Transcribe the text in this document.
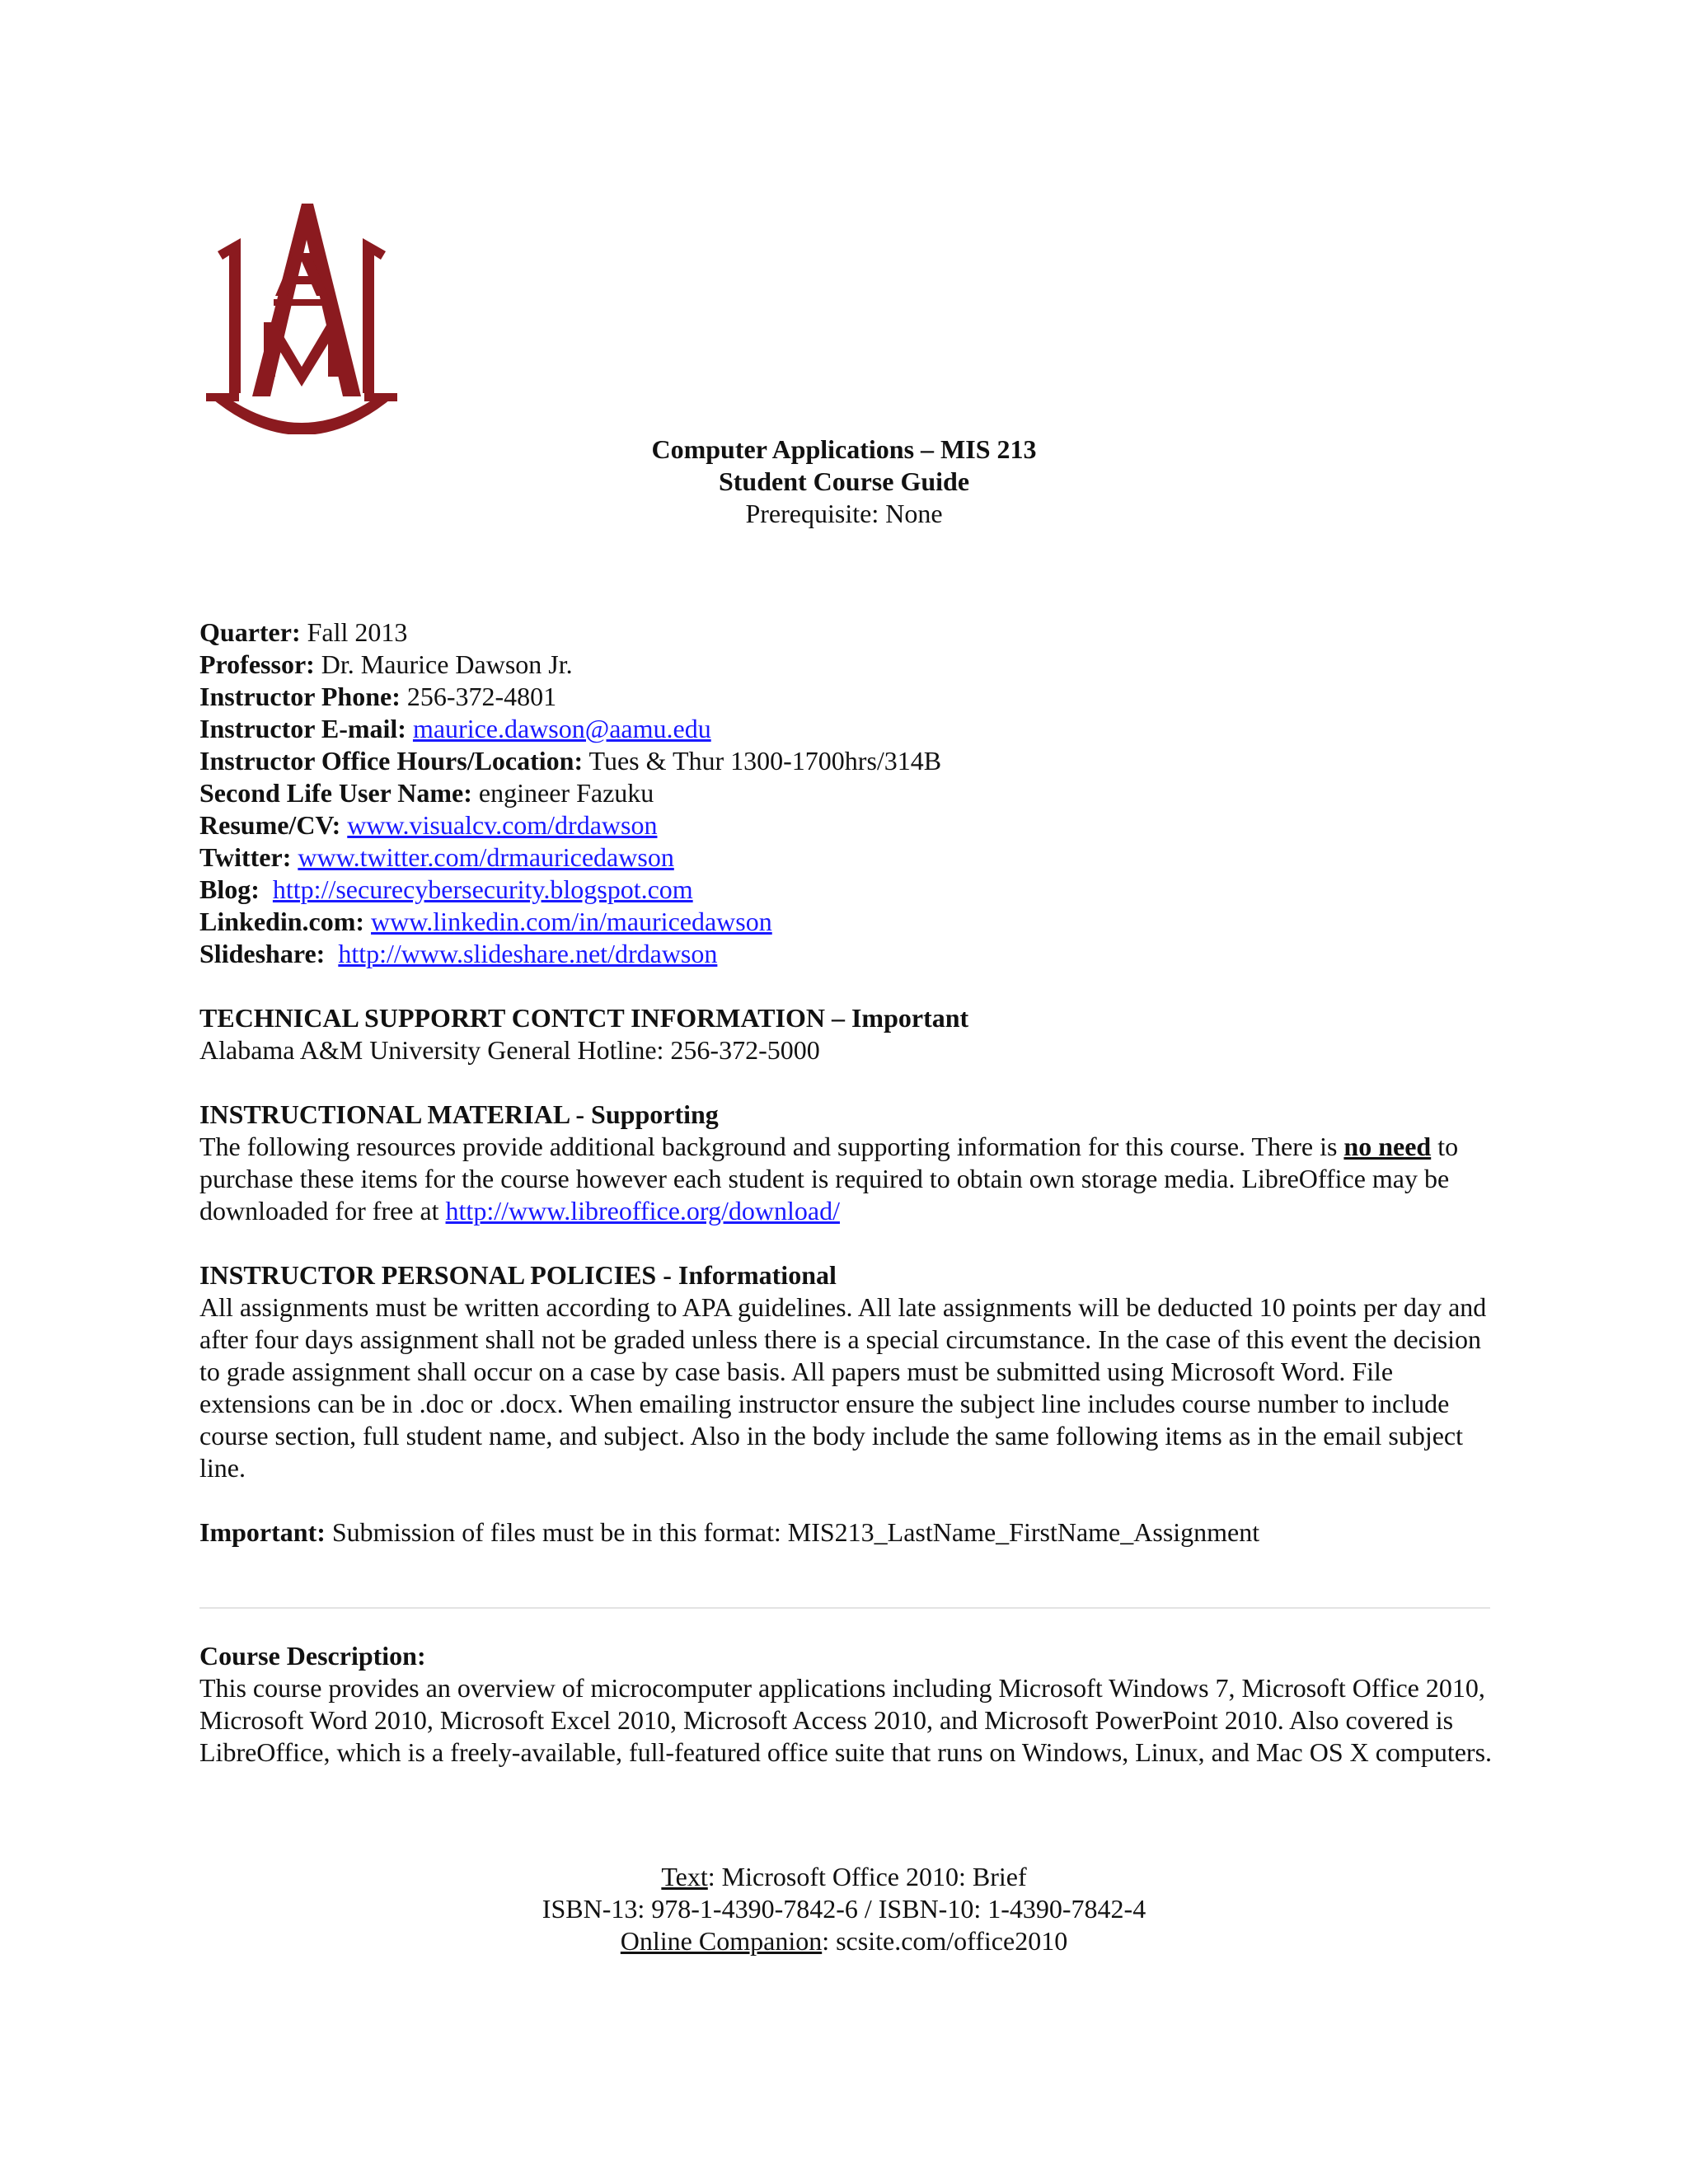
Computer Applications – MIS 213
Student Course Guide
Prerequisite: None

Quarter: Fall 2013

Professor: Dr. Maurice Dawson Jr.

Instructor Phone: 256-372-4801

Instructor E-mail: maurice.dawson@aamu.edu

Instructor Office Hours/Location: Tues & Thur 1300-1700hrs/314B

Second Life User Name: engineer Fazuku

Resume/CV: www.visualcv.com/drdawson

Twitter: www.twitter.com/drmauricedawson

Blog: http://securecybersecurity.blogspot.com

Linkedin.com: www.linkedin.com/in/mauricedawson

Slideshare: http://www.slideshare.net/drdawson

TECHNICAL SUPPORRT CONTCT INFORMATION – Important

Alabama A&M University General Hotline: 256-372-5000

INSTRUCTIONAL MATERIAL - Supporting

The following resources provide additional background and supporting information for this course. There is no need to purchase these items for the course however each student is required to obtain own storage media. LibreOffice may be downloaded for free at http://www.libreoffice.org/download/

INSTRUCTOR PERSONAL POLICIES - Informational

All assignments must be written according to APA guidelines. All late assignments will be deducted 10 points per day and after four days assignment shall not be graded unless there is a special circumstance. In the case of this event the decision to grade assignment shall occur on a case by case basis. All papers must be submitted using Microsoft Word. File extensions can be in .doc or .docx. When emailing instructor ensure the subject line includes course number to include course section, full student name, and subject. Also in the body include the same following items as in the email subject line.

Important: Submission of files must be in this format: MIS213_LastName_FirstName_Assignment

Course Description:

This course provides an overview of microcomputer applications including Microsoft Windows 7, Microsoft Office 2010, Microsoft Word 2010, Microsoft Excel 2010, Microsoft Access 2010, and Microsoft PowerPoint 2010. Also covered is LibreOffice, which is a freely-available, full-featured office suite that runs on Windows, Linux, and Mac OS X computers.

Text: Microsoft Office 2010: Brief
ISBN-13: 978-1-4390-7842-6 / ISBN-10: 1-4390-7842-4
Online Companion: scsite.com/office2010
